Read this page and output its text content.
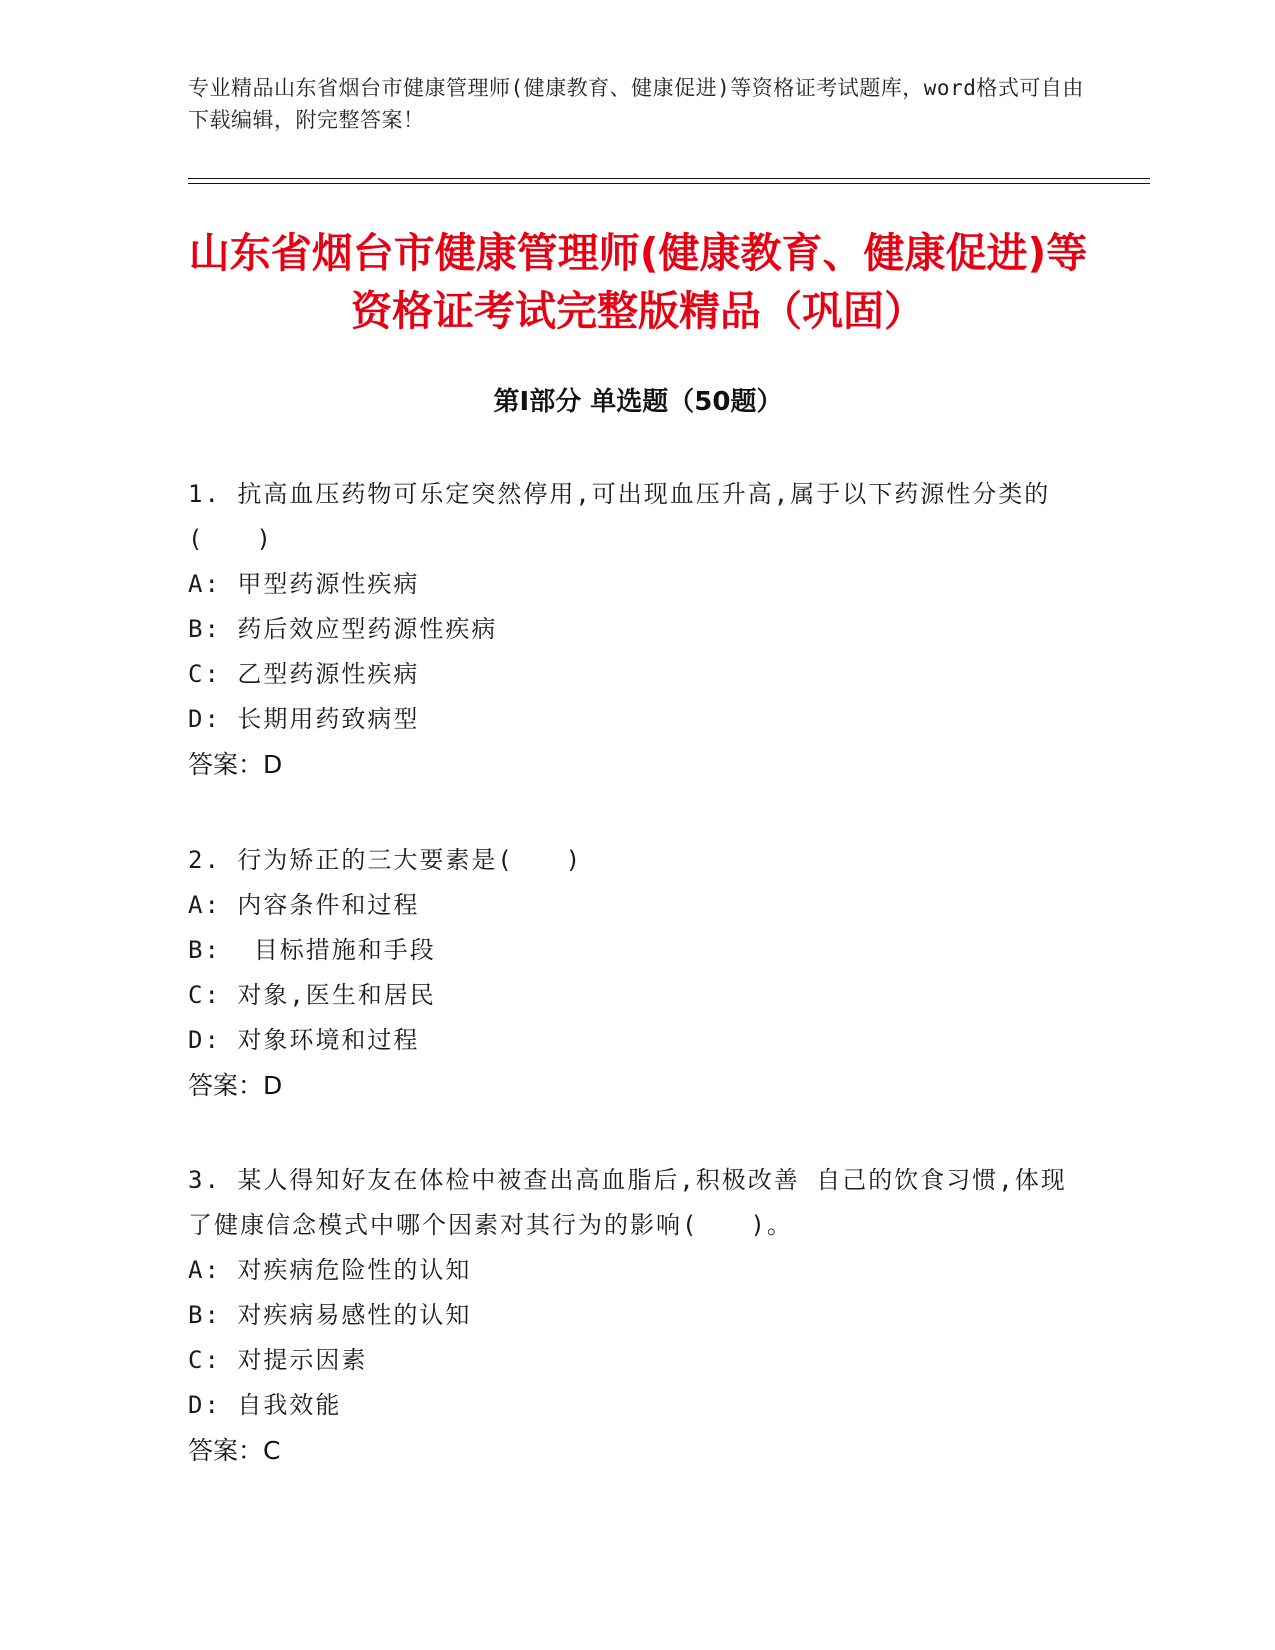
专业精品山东省烟台市健康管理师(健康教育、健康促进)等资格证考试题库，word格式可自由下载编辑，附完整答案！
山东省烟台市健康管理师(健康教育、健康促进)等资格证考试完整版精品（巩固）
第Ⅰ部分 单选题（50题）
1. 抗高血压药物可乐定突然停用,可出现血压升高,属于以下药源性分类的(　　)
A: 甲型药源性疾病
B: 药后效应型药源性疾病
C: 乙型药源性疾病
D: 长期用药致病型
答案：D
2. 行为矫正的三大要素是(　　)
A: 内容条件和过程
B:  目标措施和手段
C: 对象,医生和居民
D: 对象环境和过程
答案：D
3. 某人得知好友在体检中被查出高血脂后,积极改善 自己的饮食习惯,体现了健康信念模式中哪个因素对其行为的影响(　　)。
A: 对疾病危险性的认知
B: 对疾病易感性的认知
C: 对提示因素
D: 自我效能
答案：C
